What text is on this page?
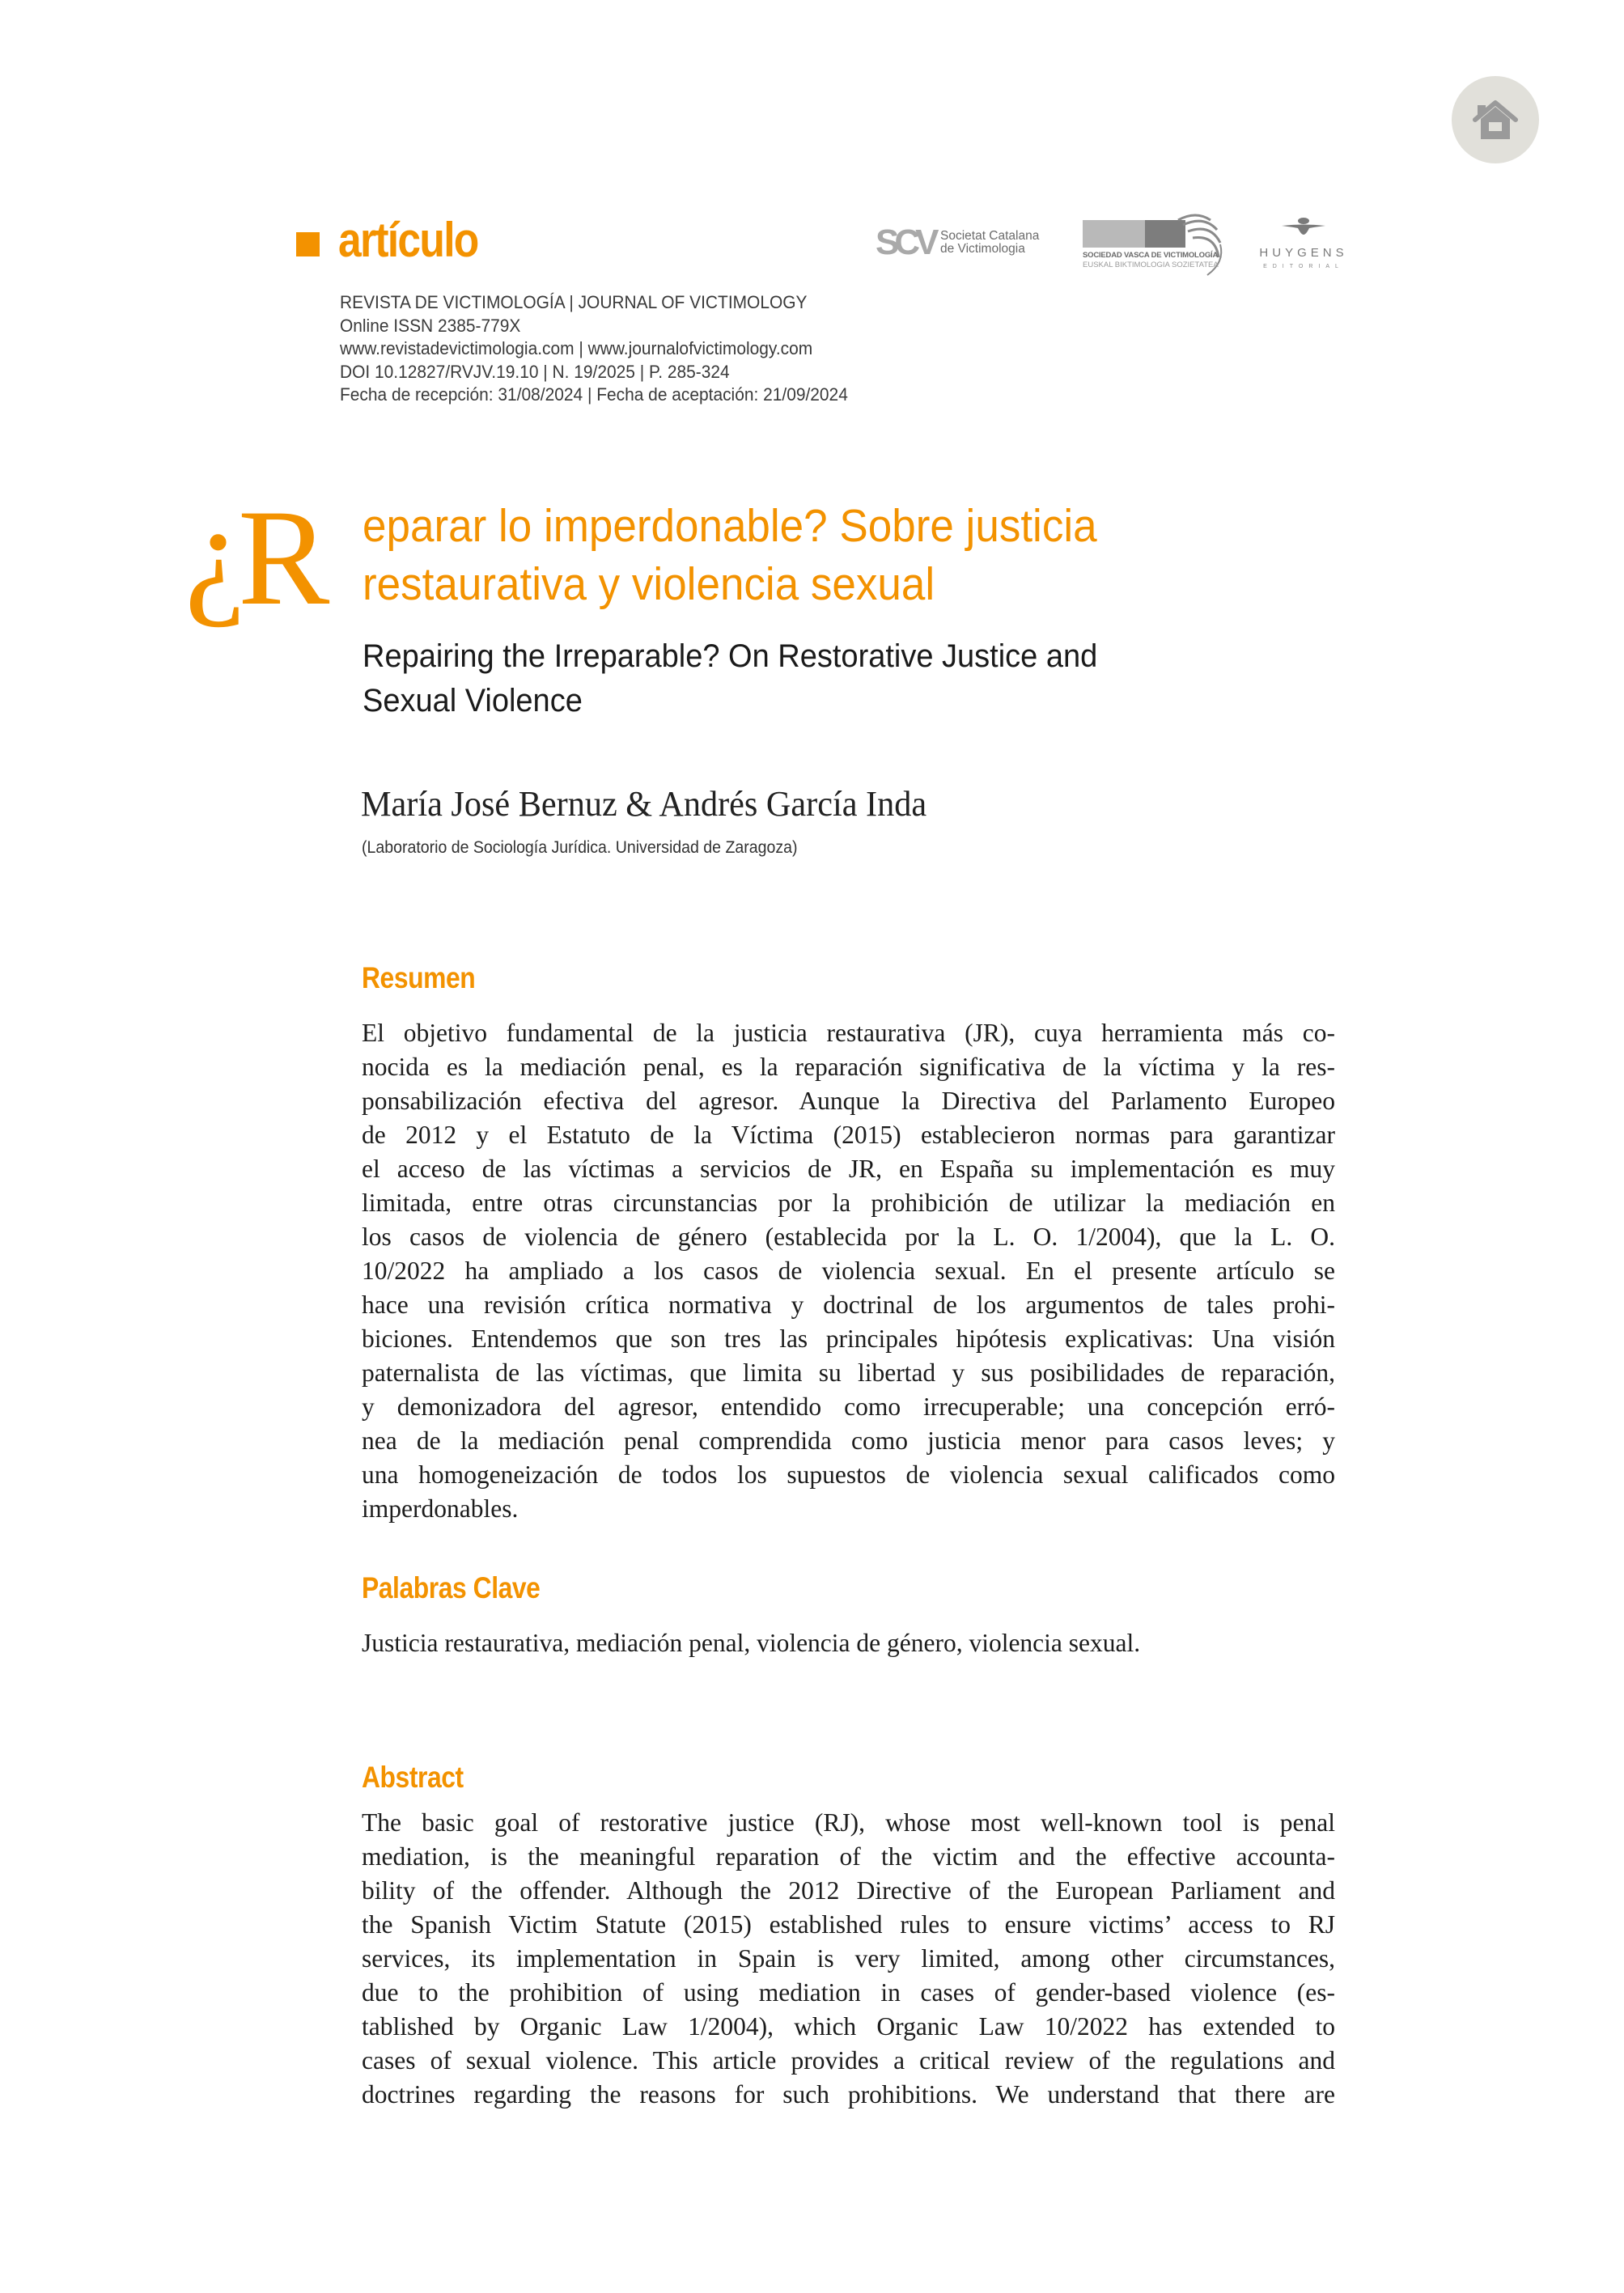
artículo	SCV Societat Catalana
de Victimologia	SOCIEDAD VASCA DE VICTIMOLOGÍA
EUSKAL BIKTIMOLOGIA SOZIETATEA
HUYGENS
EDITORIAL
REVISTA DE VICTIMOLOGÍA | JOURNAL OF VICTIMOLOGY
Online ISSN 2385-779X
www.revistadevictimologia.com | www.journalofvictimology.com
DOI 10.12827/RVJV.19.10 | N. 19/2025 | P. 285-324
Fecha de recepción: 31/08/2024 | Fecha de aceptación: 21/09/2024
¿
R eparar lo imperdonable? Sobre justicia
restaurativa y violencia sexual
Repairing the Irreparable? On Restorative Justice and
Sexual Violence
María José Bernuz & Andrés García Inda
(Laboratorio de Sociología Jurídica. Universidad de Zaragoza)
Resumen
El objetivo fundamental de la justicia restaurativa (JR), cuya herramienta más co-
nocida es la mediación penal, es la reparación significativa de la víctima y la res-
ponsabilización efectiva del agresor. Aunque la Directiva del Parlamento Europeo
de 2012 y el Estatuto de la Víctima (2015) establecieron normas para garantizar
el acceso de las víctimas a servicios de JR, en España su implementación es muy
limitada, entre otras circunstancias por la prohibición de utilizar la mediación en
los casos de violencia de género (establecida por la L. O. 1/2004), que la L. O.
10/2022 ha ampliado a los casos de violencia sexual. En el presente artículo se
hace una revisión crítica normativa y doctrinal de los argumentos de tales prohi-
biciones. Entendemos que son tres las principales hipótesis explicativas: Una visión
paternalista de las víctimas, que limita su libertad y sus posibilidades de reparación,
y demonizadora del agresor, entendido como irrecuperable; una concepción erró-
nea de la mediación penal comprendida como justicia menor para casos leves; y
una homogeneización de todos los supuestos de violencia sexual calificados como
imperdonables.
Palabras Clave
Justicia restaurativa, mediación penal, violencia de género, violencia sexual.
Abstract
The basic goal of restorative justice (RJ), whose most well-known tool is penal
mediation, is the meaningful reparation of the victim and the effective accounta-
bility of the offender. Although the 2012 Directive of the European Parliament and
the Spanish Victim Statute (2015) established rules to ensure victims’ access to RJ
services, its implementation in Spain is very limited, among other circumstances,
due to the prohibition of using mediation in cases of gender-based violence (es-
tablished by Organic Law 1/2004), which Organic Law 10/2022 has extended to
cases of sexual violence. This article provides a critical review of the regulations and
doctrines regarding the reasons for such prohibitions. We understand that there are
